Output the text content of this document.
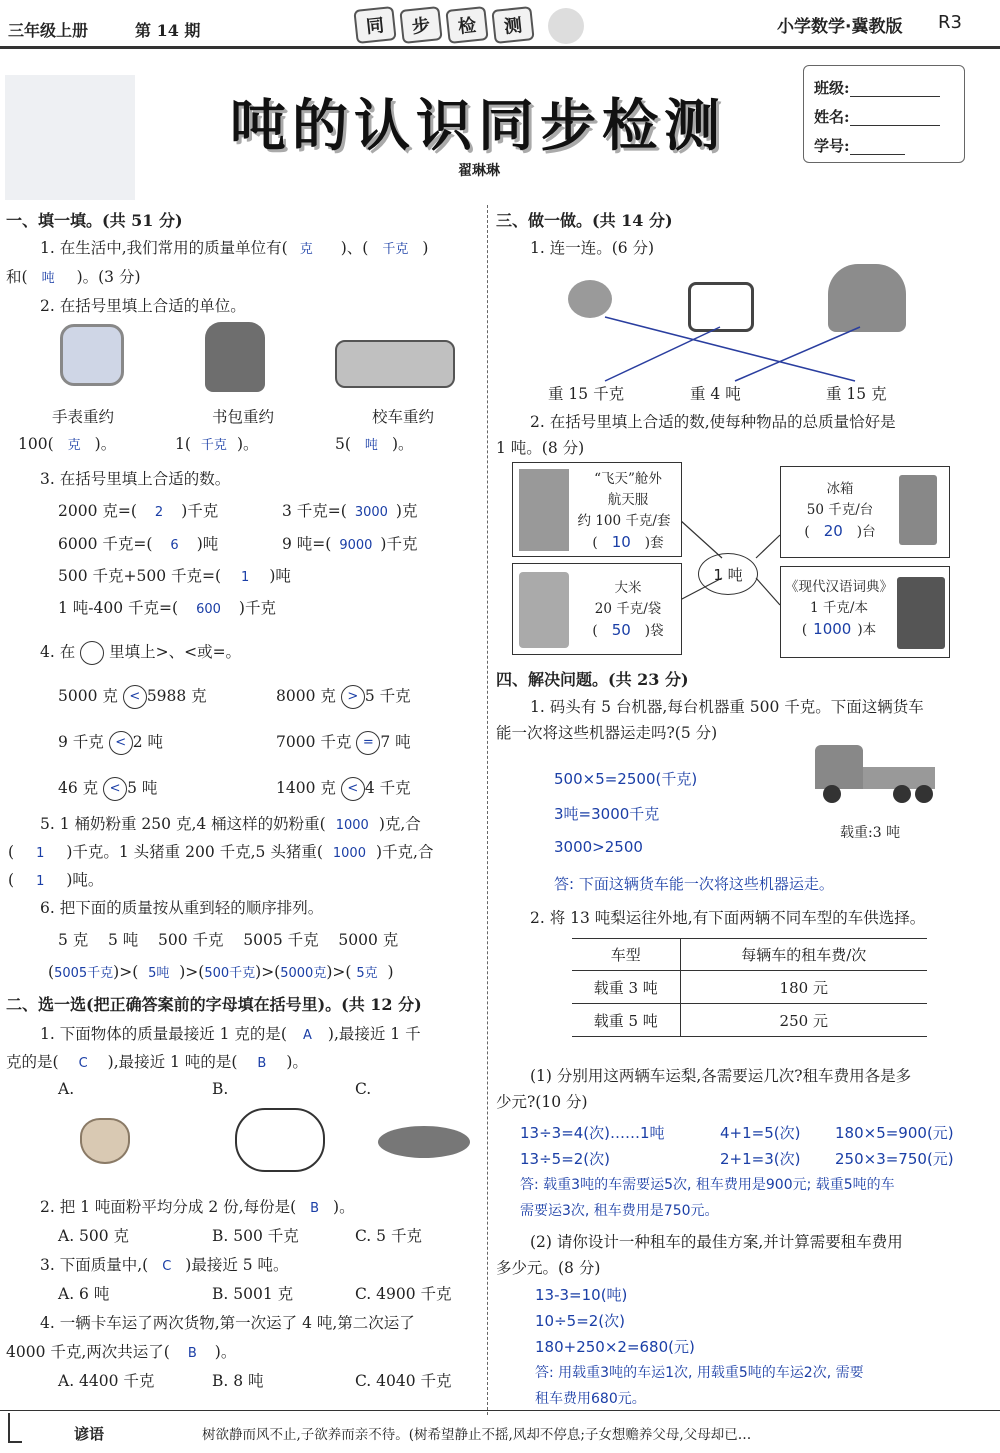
三年级上册	第 14 期	同	步	检	测	小学数学·冀教版 R3
吨的认识同步检测
翟琳琳
班级:
姓名:
学号:
一、填一填。(共 51 分)
1. 在生活中,我们常用的质量单位有( 克 )、( 千克 )
和( 吨 )。(3 分)
2. 在括号里填上合适的单位。
手表重约	书包重约	校车重约
100( 克 )。	1( 千克 )。	5( 吨 )。
3. 在括号里填上合适的数。
2000 克=( 2 )千克	3 千克=( 3000 )克
6000 千克=( 6 )吨	9 吨=( 9000 )千克
500 千克+500 千克=( 1 )吨
1 吨-400 千克=( 600 )千克
4. 在 里填上>、<或=。
5000 克 < 5988 克	8000 克 > 5 千克
9 千克 < 2 吨	7000 千克 = 7 吨
46 克 < 5 吨	1400 克 < 4 千克
5. 1 桶奶粉重 250 克,4 桶这样的奶粉重( 1000 )克,合
( 1 )千克。1 头猪重 200 千克,5 头猪重( 1000 )千克,合
( 1 )吨。
6. 把下面的质量按从重到轻的顺序排列。
5 克 5 吨 500 千克 5005 千克 5000 克
(5005千克)>(  5吨  )>(500千克)>(5000克)>( 5克  )
二、选一选(把正确答案前的字母填在括号里)。(共 12 分)
1. 下面物体的质量最接近 1 克的是( A ),最接近 1 千
克的是( C ),最接近 1 吨的是( B )。
A.	B.	C.
2. 把 1 吨面粉平均分成 2 份,每份是( B )。
A. 500 克	B. 500 千克	C. 5 千克
3. 下面质量中,( C )最接近 5 吨。
A. 6 吨	B. 5001 克	C. 4900 千克
4. 一辆卡车运了两次货物,第一次运了 4 吨,第二次运了
4000 千克,两次共运了( B )。
A. 4400 千克	B. 8 吨	C. 4040 千克
三、做一做。(共 14 分)
1. 连一连。(6 分)
重 15 千克	重 4 吨	重 15 克
2. 在括号里填上合适的数,使每种物品的总质量恰好是
1 吨。(8 分)
1 吨
“飞天”舱外
航天服
约 100 千克/套
( 10 )套
冰箱
50 千克/台
( 20 )台
大米
20 千克/袋
( 50 )袋
《现代汉语词典》
1 千克/本
( 1000 )本
四、解决问题。(共 23 分)
1. 码头有 5 台机器,每台机器重 500 千克。下面这辆货车
能一次将这些机器运走吗?(5 分)
500×5=2500(千克)
3吨=3000千克
3000>2500
答: 下面这辆货车能一次将这些机器运走。
载重:3 吨
2. 将 13 吨梨运往外地,有下面两辆不同车型的车供选择。
车型	每辆车的租车费/次
载重 3 吨	180 元
载重 5 吨	250 元
(1) 分别用这两辆车运梨,各需要运几次?租车费用各是多
少元?(10 分)
13÷3=4(次)……1吨	4+1=5(次) 180×5=900(元)
13÷5=2(次)	2+1=3(次) 250×3=750(元)
答: 载重3吨的车需要运5次, 租车费用是900元; 载重5吨的车
需要运3次, 租车费用是750元。
(2) 请你设计一种租车的最佳方案,并计算需要租车费用
多少元。(8 分)
13-3=10(吨)
10÷5=2(次)
180+250×2=680(元)
答: 用载重3吨的车运1次, 用载重5吨的车运2次, 需要
租车费用680元。
谚语	树欲静而风不止,子欲养而亲不待。(树希望静止不摇,风却不停息;子女想赡养父母,父母却已…
